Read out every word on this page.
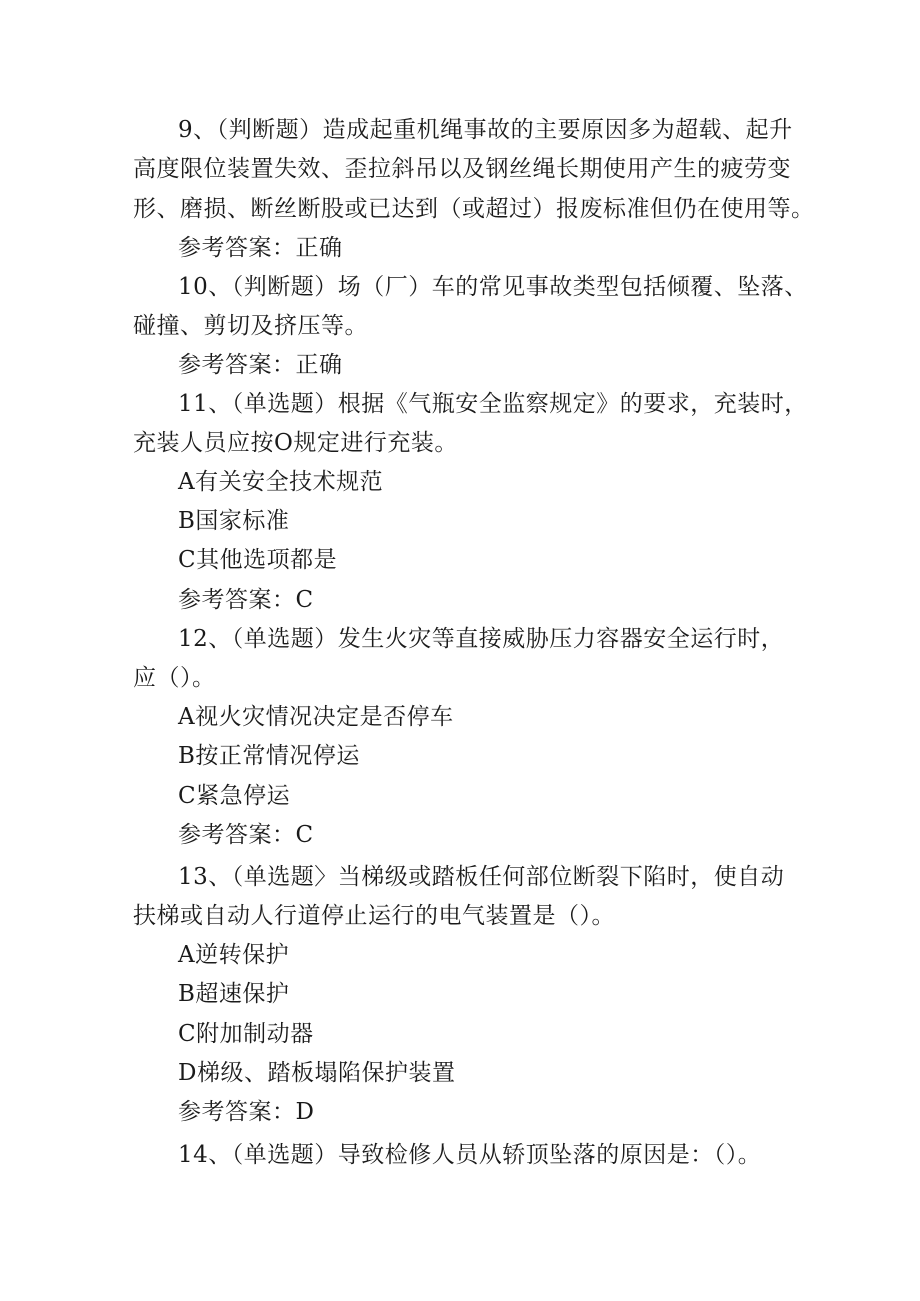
9、（判断题）造成起重机绳事故的主要原因多为超载、起升
高度限位装置失效、歪拉斜吊以及钢丝绳长期使用产生的疲劳变
形、磨损、断丝断股或已达到（或超过）报废标准但仍在使用等。
参考答案：正确
10、（判断题）场（厂）车的常见事故类型包括倾覆、坠落、
碰撞、剪切及挤压等。
参考答案：正确
11、（单选题）根据《气瓶安全监察规定》的要求，充装时，
充装人员应按O规定进行充装。
A有关安全技术规范
B国家标准
C其他选项都是
参考答案：C
12、（单选题）发生火灾等直接威胁压力容器安全运行时，
应（）。
A视火灾情况决定是否停车
B按正常情况停运
C紧急停运
参考答案：C
13、（单选题〉当梯级或踏板任何部位断裂下陷时，使自动
扶梯或自动人行道停止运行的电气装置是（）。
A逆转保护
B超速保护
C附加制动器
D梯级、踏板塌陷保护装置
参考答案：D
14、（单选题）导致检修人员从轿顶坠落的原因是：（）。
